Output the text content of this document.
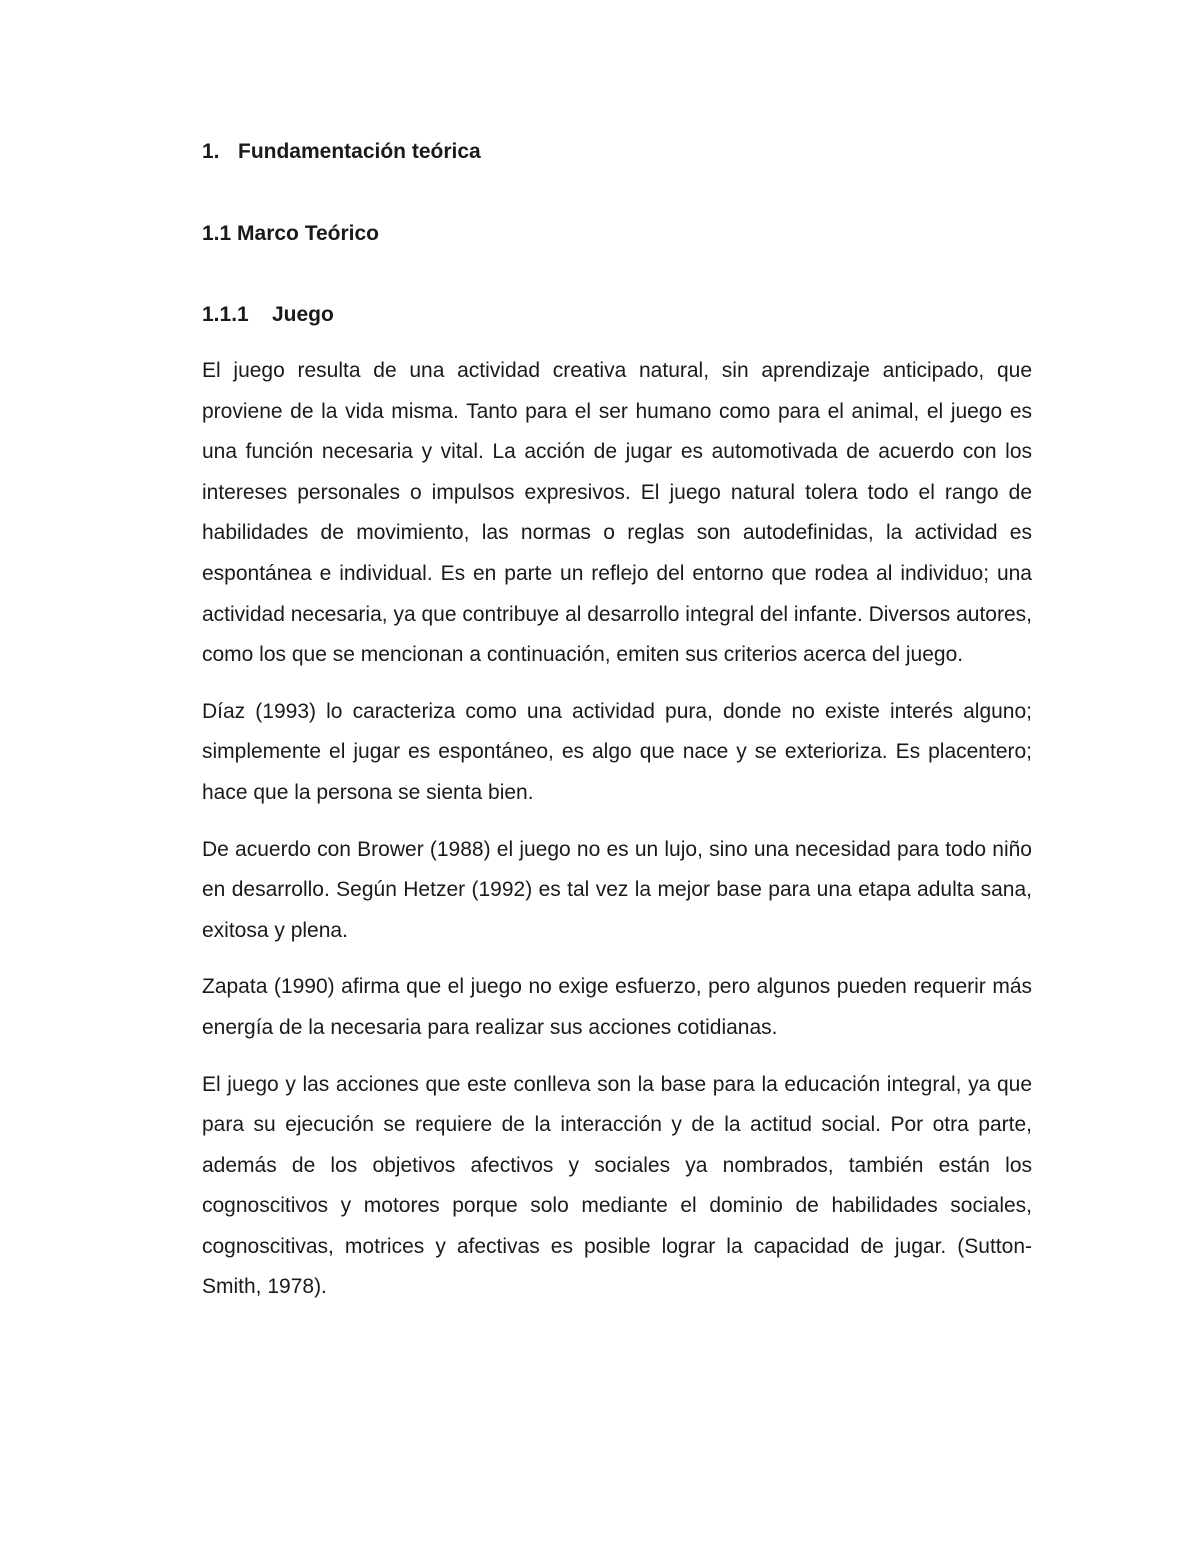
1. Fundamentación teórica
1.1 Marco Teórico
1.1.1 Juego

El juego resulta de una actividad creativa natural, sin aprendizaje anticipado, que proviene de la vida misma. Tanto para el ser humano como para el animal, el juego es una función necesaria y vital. La acción de jugar es automotivada de acuerdo con los intereses personales o impulsos expresivos. El juego natural tolera todo el rango de habilidades de movimiento, las normas o reglas son autodefinidas, la actividad es espontánea e individual. Es en parte un reflejo del entorno que rodea al individuo; una actividad necesaria, ya que contribuye al desarrollo integral del infante. Diversos autores, como los que se mencionan a continuación, emiten sus criterios acerca del juego.

Díaz (1993) lo caracteriza como una actividad pura, donde no existe interés alguno; simplemente el jugar es espontáneo, es algo que nace y se exterioriza. Es placentero; hace que la persona se sienta bien.

De acuerdo con Brower (1988) el juego no es un lujo, sino una necesidad para todo niño en desarrollo. Según Hetzer (1992) es tal vez la mejor base para una etapa adulta sana, exitosa y plena.

Zapata (1990) afirma que el juego no exige esfuerzo, pero algunos pueden requerir más energía de la necesaria para realizar sus acciones cotidianas.

El juego y las acciones que este conlleva son la base para la educación integral, ya que para su ejecución se requiere de la interacción y de la actitud social. Por otra parte, además de los objetivos afectivos y sociales ya nombrados, también están los cognoscitivos y motores porque solo mediante el dominio de habilidades sociales, cognoscitivas, motrices y afectivas es posible lograr la capacidad de jugar. (Sutton-Smith, 1978).
